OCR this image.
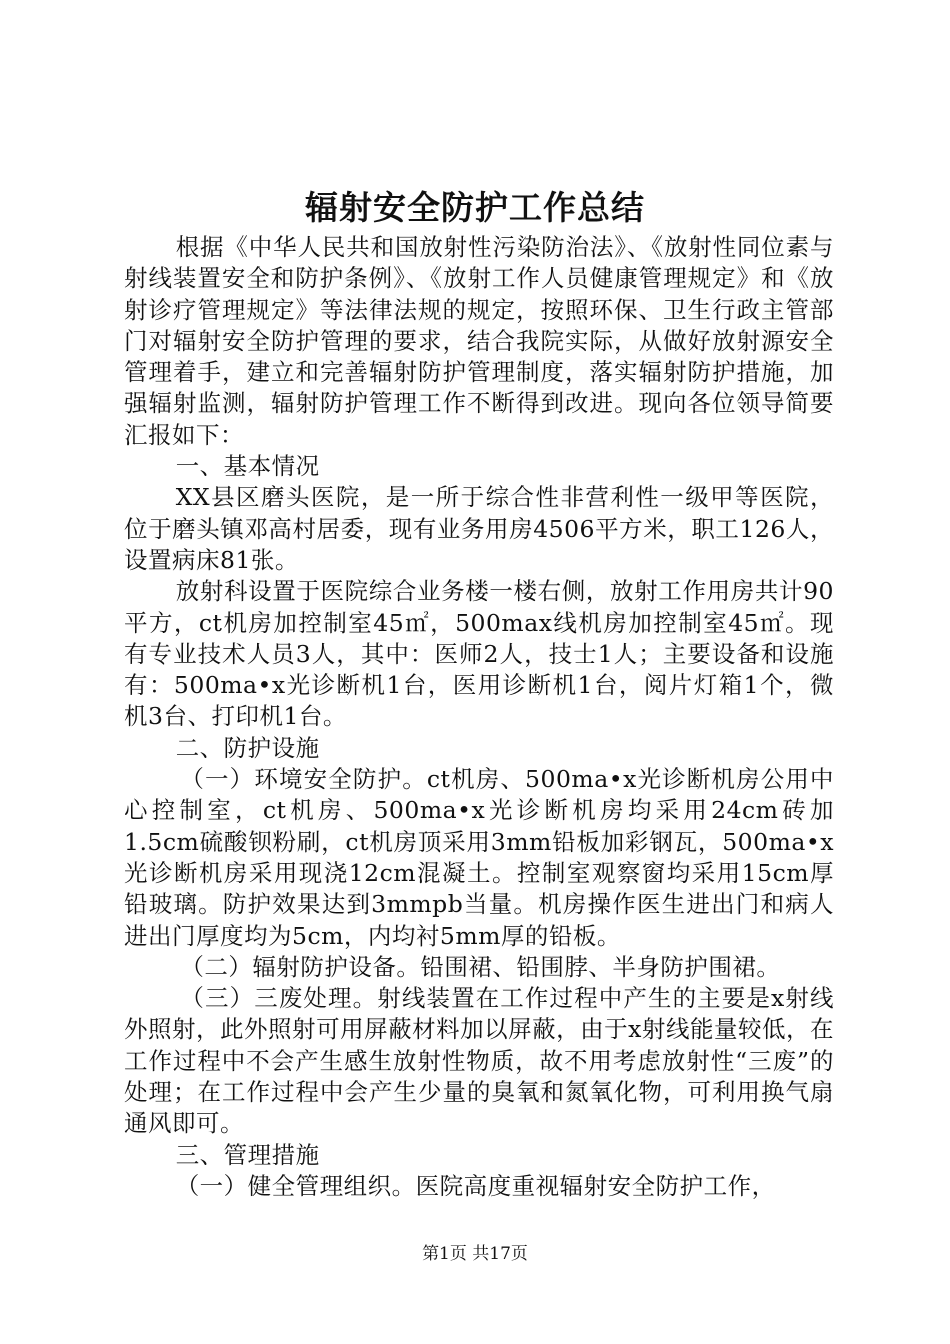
辐射安全防护工作总结

根据《中华人民共和国放射性污染防治法》、《放射性同位素与射线装置安全和防护条例》、《放射工作人员健康管理规定》和《放射诊疗管理规定》等法律法规的规定，按照环保、卫生行政主管部门对辐射安全防护管理的要求，结合我院实际，从做好放射源安全管理着手，建立和完善辐射防护管理制度，落实辐射防护措施，加强辐射监测，辐射防护管理工作不断得到改进。现向各位领导简要汇报如下：

一、基本情况

XX县区磨头医院，是一所于综合性非营利性一级甲等医院，位于磨头镇邓高村居委，现有业务用房4506平方米，职工126人，设置病床81张。

放射科设置于医院综合业务楼一楼右侧，放射工作用房共计90平方，ct机房加控制室45㎡，500max线机房加控制室45㎡。现有专业技术人员3人，其中：医师2人，技士1人；主要设备和设施有：500ma•x光诊断机1台，医用诊断机1台，阅片灯箱1个，微机3台、打印机1台。

二、防护设施

（一）环境安全防护。ct机房、500ma•x光诊断机房公用中心控制室，ct机房、500ma•x光诊断机房均采用24cm砖加1.5cm硫酸钡粉刷，ct机房顶采用3mm铅板加彩钢瓦，500ma•x光诊断机房采用现浇12cm混凝土。控制室观察窗均采用15cm厚铅玻璃。防护效果达到3mmpb当量。机房操作医生进出门和病人进出门厚度均为5cm，内均衬5mm厚的铅板。

（二）辐射防护设备。铅围裙、铅围脖、半身防护围裙。

（三）三废处理。射线装置在工作过程中产生的主要是x射线外照射，此外照射可用屏蔽材料加以屏蔽，由于x射线能量较低，在工作过程中不会产生感生放射性物质，故不用考虑放射性“三废”的处理；在工作过程中会产生少量的臭氧和氮氧化物，可利用换气扇通风即可。

三、管理措施

（一）健全管理组织。医院高度重视辐射安全防护工作，

第1页 共17页
